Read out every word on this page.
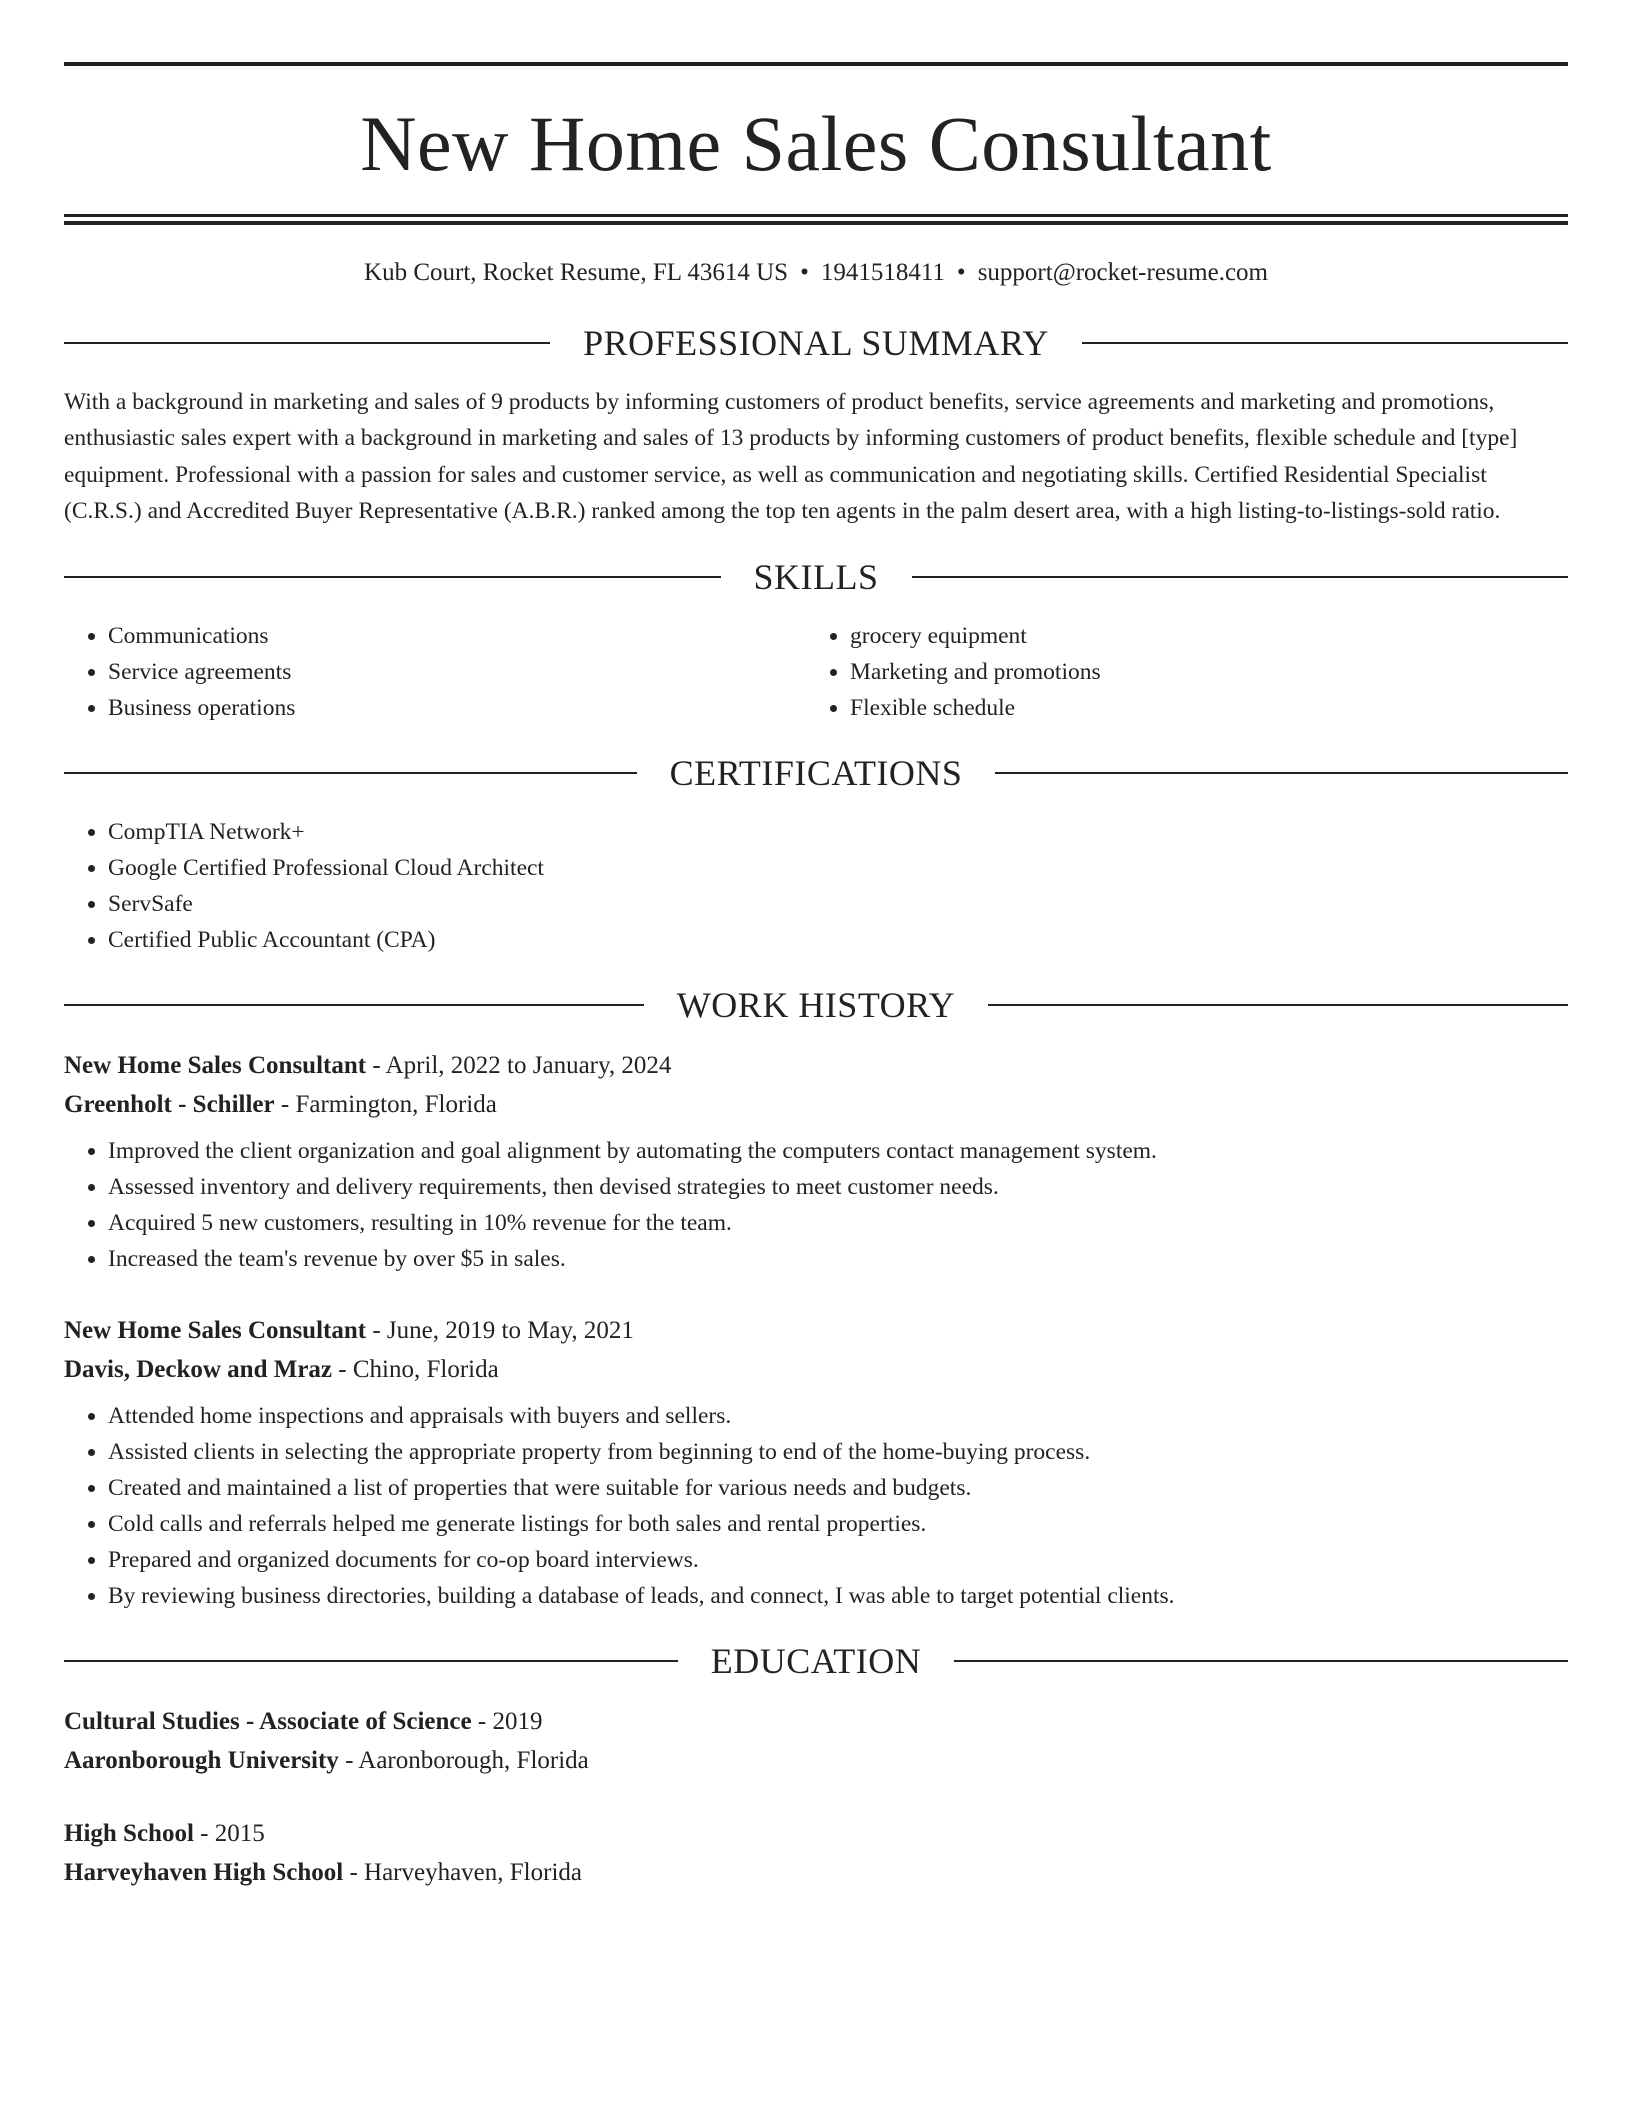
New Home Sales Consultant
Kub Court, Rocket Resume, FL 43614 US • 1941518411 • support@rocket-resume.com
PROFESSIONAL SUMMARY

With a background in marketing and sales of 9 products by informing customers of product benefits, service agreements and marketing and promotions, enthusiastic sales expert with a background in marketing and sales of 13 products by informing customers of product benefits, flexible schedule and [type] equipment. Professional with a passion for sales and customer service, as well as communication and negotiating skills. Certified Residential Specialist (C.R.S.) and Accredited Buyer Representative (A.B.R.) ranked among the top ten agents in the palm desert area, with a high listing-to-listings-sold ratio.

SKILLS
• Communications
• Service agreements
• Business operations
• grocery equipment
• Marketing and promotions
• Flexible schedule
CERTIFICATIONS
• CompTIA Network+
• Google Certified Professional Cloud Architect
• ServSafe
• Certified Public Accountant (CPA)
WORK HISTORY
New Home Sales Consultant - April, 2022 to January, 2024
Greenholt - Schiller - Farmington, Florida
• Improved the client organization and goal alignment by automating the computers contact management system.
• Assessed inventory and delivery requirements, then devised strategies to meet customer needs.
• Acquired 5 new customers, resulting in 10% revenue for the team.
• Increased the team's revenue by over $5 in sales.
New Home Sales Consultant - June, 2019 to May, 2021
Davis, Deckow and Mraz - Chino, Florida
• Attended home inspections and appraisals with buyers and sellers.
• Assisted clients in selecting the appropriate property from beginning to end of the home-buying process.
• Created and maintained a list of properties that were suitable for various needs and budgets.
• Cold calls and referrals helped me generate listings for both sales and rental properties.
• Prepared and organized documents for co-op board interviews.
• By reviewing business directories, building a database of leads, and connect, I was able to target potential clients.
EDUCATION
Cultural Studies - Associate of Science - 2019
Aaronborough University - Aaronborough, Florida
High School - 2015
Harveyhaven High School - Harveyhaven, Florida
